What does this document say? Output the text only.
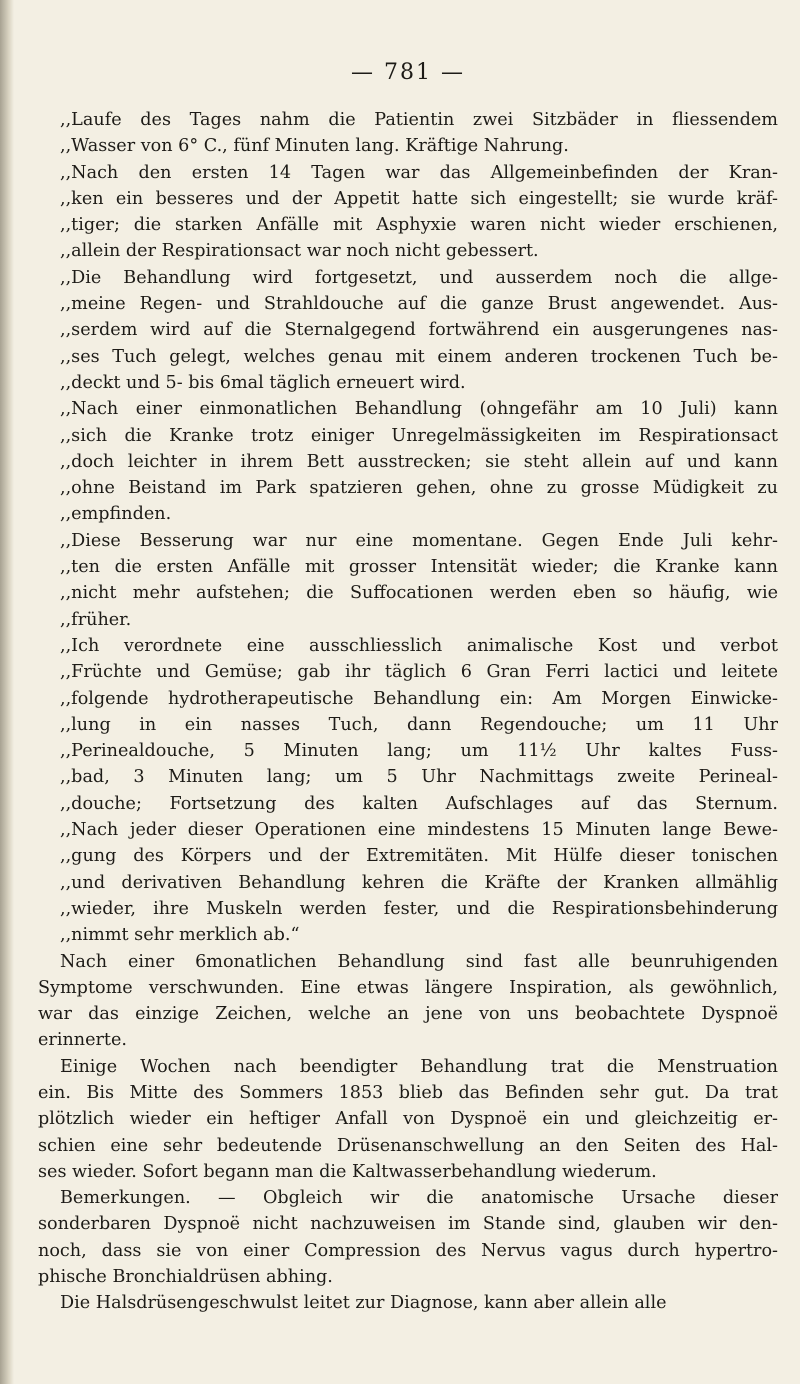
— 781 —
,,Laufe des Tages nahm die Patientin zwei Sitzbäder in fliessendem
,,Wasser von 6° C., fünf Minuten lang. Kräftige Nahrung.
,,Nach den ersten 14 Tagen war das Allgemeinbefinden der Kran-
,,ken ein besseres und der Appetit hatte sich eingestellt; sie wurde kräf-
,,tiger; die starken Anfälle mit Asphyxie waren nicht wieder erschienen,
,,allein der Respirationsact war noch nicht gebessert.
,,Die Behandlung wird fortgesetzt, und ausserdem noch die allge-
,,meine Regen- und Strahldouche auf die ganze Brust angewendet. Aus-
,,serdem wird auf die Sternalgegend fortwährend ein ausgerungenes nas-
,,ses Tuch gelegt, welches genau mit einem anderen trockenen Tuch be-
,,deckt und 5- bis 6mal täglich erneuert wird.
,,Nach einer einmonatlichen Behandlung (ohngefähr am 10 Juli) kann
,,sich die Kranke trotz einiger Unregelmässigkeiten im Respirationsact
,,doch leichter in ihrem Bett ausstrecken; sie steht allein auf und kann
,,ohne Beistand im Park spatzieren gehen, ohne zu grosse Müdigkeit zu
,,empfinden.
,,Diese Besserung war nur eine momentane. Gegen Ende Juli kehr-
,,ten die ersten Anfälle mit grosser Intensität wieder; die Kranke kann
,,nicht mehr aufstehen; die Suffocationen werden eben so häufig, wie
,,früher.
,,Ich verordnete eine ausschliesslich animalische Kost und verbot
,,Früchte und Gemüse; gab ihr täglich 6 Gran Ferri lactici und leitete
,,folgende hydrotherapeutische Behandlung ein: Am Morgen Einwicke-
,,lung in ein nasses Tuch, dann Regendouche; um 11 Uhr
,,Perinealdouche, 5 Minuten lang; um 11½ Uhr kaltes Fuss-
,,bad, 3 Minuten lang; um 5 Uhr Nachmittags zweite Perineal-
,,douche; Fortsetzung des kalten Aufschlages auf das Sternum.
,,Nach jeder dieser Operationen eine mindestens 15 Minuten lange Bewe-
,,gung des Körpers und der Extremitäten. Mit Hülfe dieser tonischen
,,und derivativen Behandlung kehren die Kräfte der Kranken allmählig
,,wieder, ihre Muskeln werden fester, und die Respirationsbehinderung
,,nimmt sehr merklich ab.“
Nach einer 6monatlichen Behandlung sind fast alle beunruhigenden
Symptome verschwunden. Eine etwas längere Inspiration, als gewöhnlich,
war das einzige Zeichen, welche an jene von uns beobachtete Dyspnoë
erinnerte.
Einige Wochen nach beendigter Behandlung trat die Menstruation
ein. Bis Mitte des Sommers 1853 blieb das Befinden sehr gut. Da trat
plötzlich wieder ein heftiger Anfall von Dyspnoë ein und gleichzeitig er-
schien eine sehr bedeutende Drüsenanschwellung an den Seiten des Hal-
ses wieder. Sofort begann man die Kaltwasserbehandlung wiederum.
Bemerkungen. — Obgleich wir die anatomische Ursache dieser
sonderbaren Dyspnoë nicht nachzuweisen im Stande sind, glauben wir den-
noch, dass sie von einer Compression des Nervus vagus durch hypertro-
phische Bronchialdrüsen abhing.
Die Halsdrüsengeschwulst leitet zur Diagnose, kann aber allein alle
